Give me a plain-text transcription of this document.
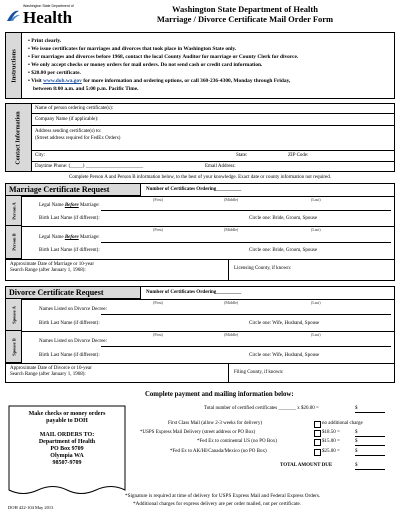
Washington State Department of
Health	Washington State Department of Health
Marriage / Divorce Certificate Mail Order Form
Instructions
• Print clearly.
• We issue certificates for marriages and divorces that took place in Washington State only.
• For marriages and divorces before 1968, contact the local County Auditor for marriage or County Clerk for divorce.
• We only accept checks or money orders for mail orders. Do not send cash or credit card information.
• $20.00 per certificate.
• Visit www.doh.wa.gov for more information and ordering options, or call 360-236-4300, Monday through Friday,
between 8:00 a.m. and 5:00 p.m. Pacific Time.
Contact Information
Name of person ordering certificate(s):
Company Name (if applicable):
Address sending certificate(s) to:
(Street address required for FedEx Orders)
City:	State:	ZIP Code:
Daytime Phone: (_____) _______________________	Email Address:
Complete Person A and Person B information below, to the best of your knowledge. Exact date or county information not required.
Marriage Certificate Request	Number of Certificates Ordering__________
Person A
(First)	(Middle)	(Last)
Legal Name Before Marriage:
Birth Last Name (if different):	Circle one: Bride, Groom, Spouse
Person B
(First)	(Middle)	(Last)
Legal Name Before Marriage:
Birth Last Name (if different):	Circle one: Bride, Groom, Spouse
Approximate Date of Marriage or 10-year
Search Range (after January 1, 1968):	Licensing County, if known:
Divorce Certificate Request	Number of Certificates Ordering__________
Spouse A
(First)	(Middle)	(Last)
Names Listed on Divorce Decree:
Birth Last Name (if different):	Circle one: Wife, Husband, Spouse
Spouse B
(First)	(Middle)	(Last)
Names Listed on Divorce Decree:
Birth Last Name (if different):	Circle one: Wife, Husband, Spouse
Approximate Date of Divorce or 10-year
Search Range (after January 1, 1968):	Filing County, if known:
Complete payment and mailing information below:
Total number of certified certificates _______ x $20.00 =	$
First Class Mail (allow 2-3 weeks for delivery)	no additional charge
*USPS Express Mail Delivery (street address or PO Box)	$18.50 =	$
*Fed Ex to continental US (no PO Box)	$15.00 =	$
*Fed Ex to AK/HI/Canada/Mexico (no PO Box)	$25.00 =	$
TOTAL AMOUNT DUE	$
Make checks or money orders
payable to DOH
MAIL ORDERS TO:
Department of Health
PO Box 9709
Olympia WA
98507-9709
*Signature is required at time of delivery for USPS Express Mail and Federal Express Orders.
*Additional charges for express delivery are per order mailed, not per certificate.
DOH 422-104 May 2013
